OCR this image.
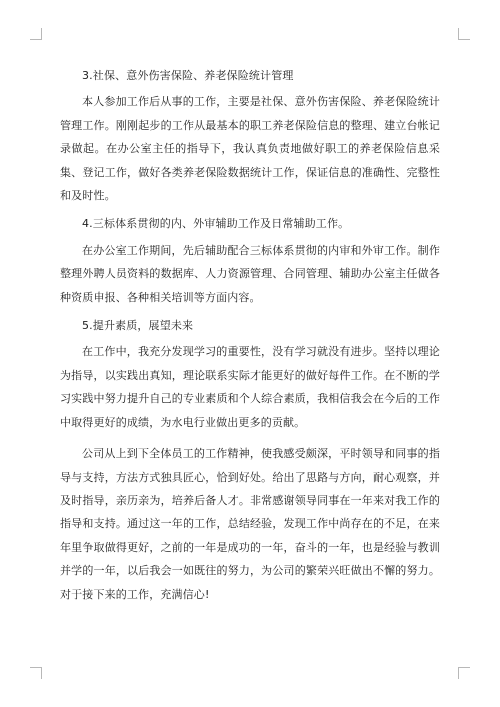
3.社保、意外伤害保险、养老保险统计管理

本人参加工作后从事的工作，主要是社保、意外伤害保险、养老保险统计管理工作。刚刚起步的工作从最基本的职工养老保险信息的整理、建立台帐记录做起。在办公室主任的指导下，我认真负责地做好职工的养老保险信息采集、登记工作，做好各类养老保险数据统计工作，保证信息的准确性、完整性和及时性。

4.三标体系贯彻的内、外审辅助工作及日常辅助工作。

在办公室工作期间，先后辅助配合三标体系贯彻的内审和外审工作。制作整理外聘人员资料的数据库、人力资源管理、合同管理、辅助办公室主任做各种资质申报、各种相关培训等方面内容。

5.提升素质，展望未来

在工作中，我充分发现学习的重要性，没有学习就没有进步。坚持以理论为指导，以实践出真知，理论联系实际才能更好的做好每件工作。在不断的学习实践中努力提升自己的专业素质和个人综合素质，我相信我会在今后的工作中取得更好的成绩，为水电行业做出更多的贡献。

公司从上到下全体员工的工作精神，使我感受颇深，平时领导和同事的指导与支持，方法方式独具匠心，恰到好处。给出了思路与方向，耐心观察，并及时指导，亲历亲为，培养后备人才。非常感谢领导同事在一年来对我工作的指导和支持。通过这一年的工作，总结经验，发现工作中尚存在的不足，在来年里争取做得更好，之前的一年是成功的一年，奋斗的一年，也是经验与教训并学的一年，以后我会一如既往的努力，为公司的繁荣兴旺做出不懈的努力。对于接下来的工作，充满信心!
